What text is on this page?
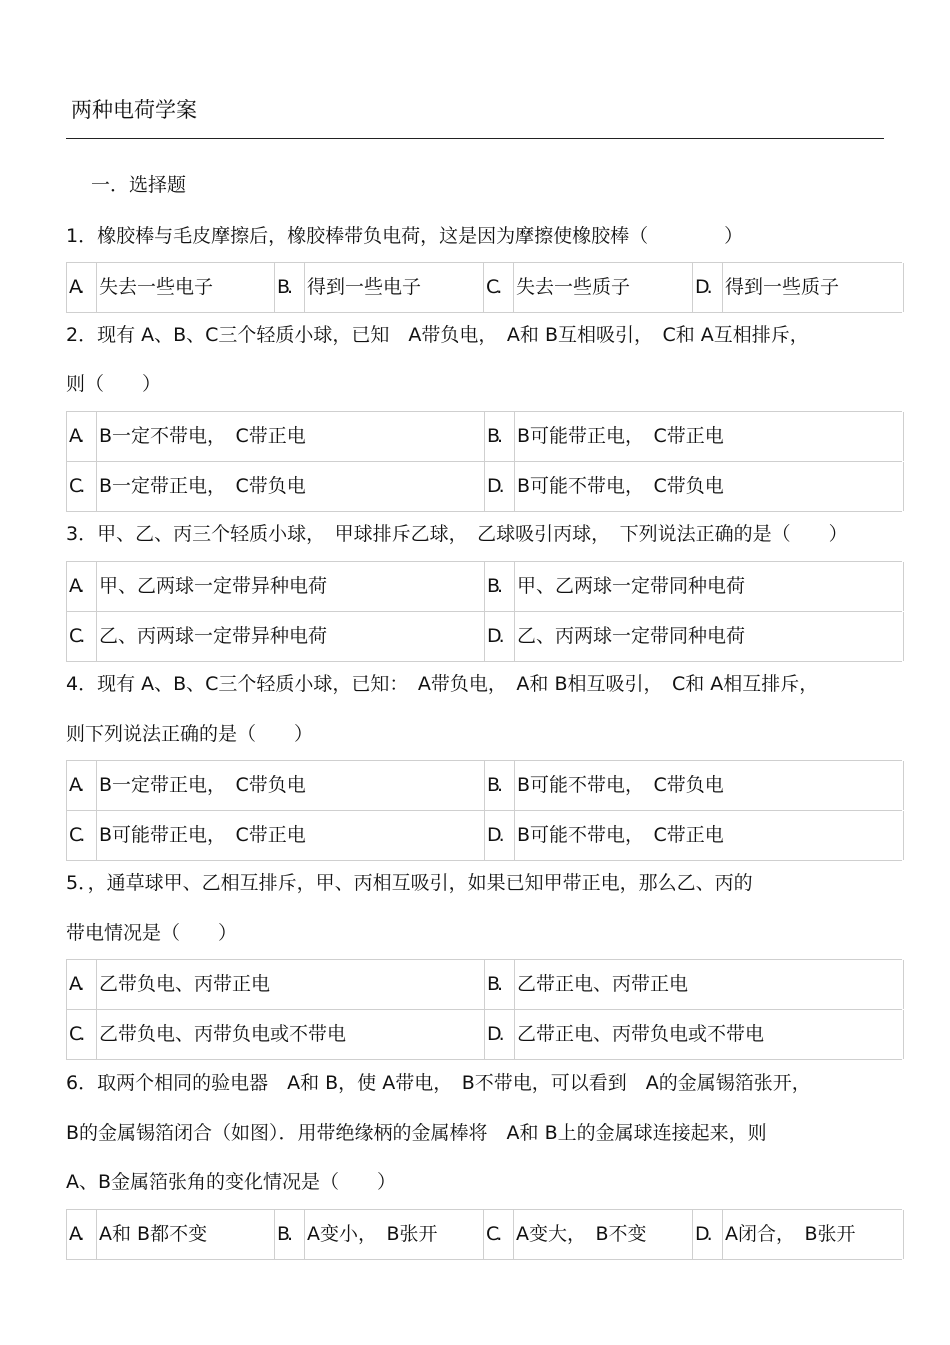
两种电荷学案
一．选择题
1．橡胶棒与毛皮摩擦后，橡胶棒带负电荷，这是因为摩擦使橡胶棒（　　　　）
A. 失去一些电子	B. 得到一些电子	C. 失去一些质子	D. 得到一些质子
2．现有 A、B、C三个轻质小球，已知　A带负电，　A和 B互相吸引，　C和 A互相排斥，
则（　　）
A. B一定不带电，　C带正电	B. B可能带正电，　C带正电
C. B一定带正电，　C带负电	D. B可能不带电，　C带负电
3．甲、乙、丙三个轻质小球，　甲球排斥乙球，　乙球吸引丙球，　下列说法正确的是（　　）
A. 甲、乙两球一定带异种电荷	B. 甲、乙两球一定带同种电荷
C. 乙、丙两球一定带异种电荷	D. 乙、丙两球一定带同种电荷
4．现有 A、B、C三个轻质小球，已知：　A带负电，　A和 B相互吸引，　C和 A相互排斥，
则下列说法正确的是（　　）
A. B一定带正电，　C带负电	B. B可能不带电，　C带负电
C. B可能带正电，　C带正电	D. B可能不带电，　C带正电
5．，通草球甲、乙相互排斥，甲、丙相互吸引，如果已知甲带正电，那么乙、丙的
带电情况是（　　）
A. 乙带负电、丙带正电	B. 乙带正电、丙带正电
C. 乙带负电、丙带负电或不带电	D. 乙带正电、丙带负电或不带电
6．取两个相同的验电器　A和 B，使 A带电，　B不带电，可以看到　A的金属锡箔张开，
B的金属锡箔闭合（如图）．用带绝缘柄的金属棒将　A和 B上的金属球连接起来，则
A、B金属箔张角的变化情况是（　　）
A. A和 B都不变	B. A变小，　B张开	C. A变大，　B不变	D. A闭合，　B张开
